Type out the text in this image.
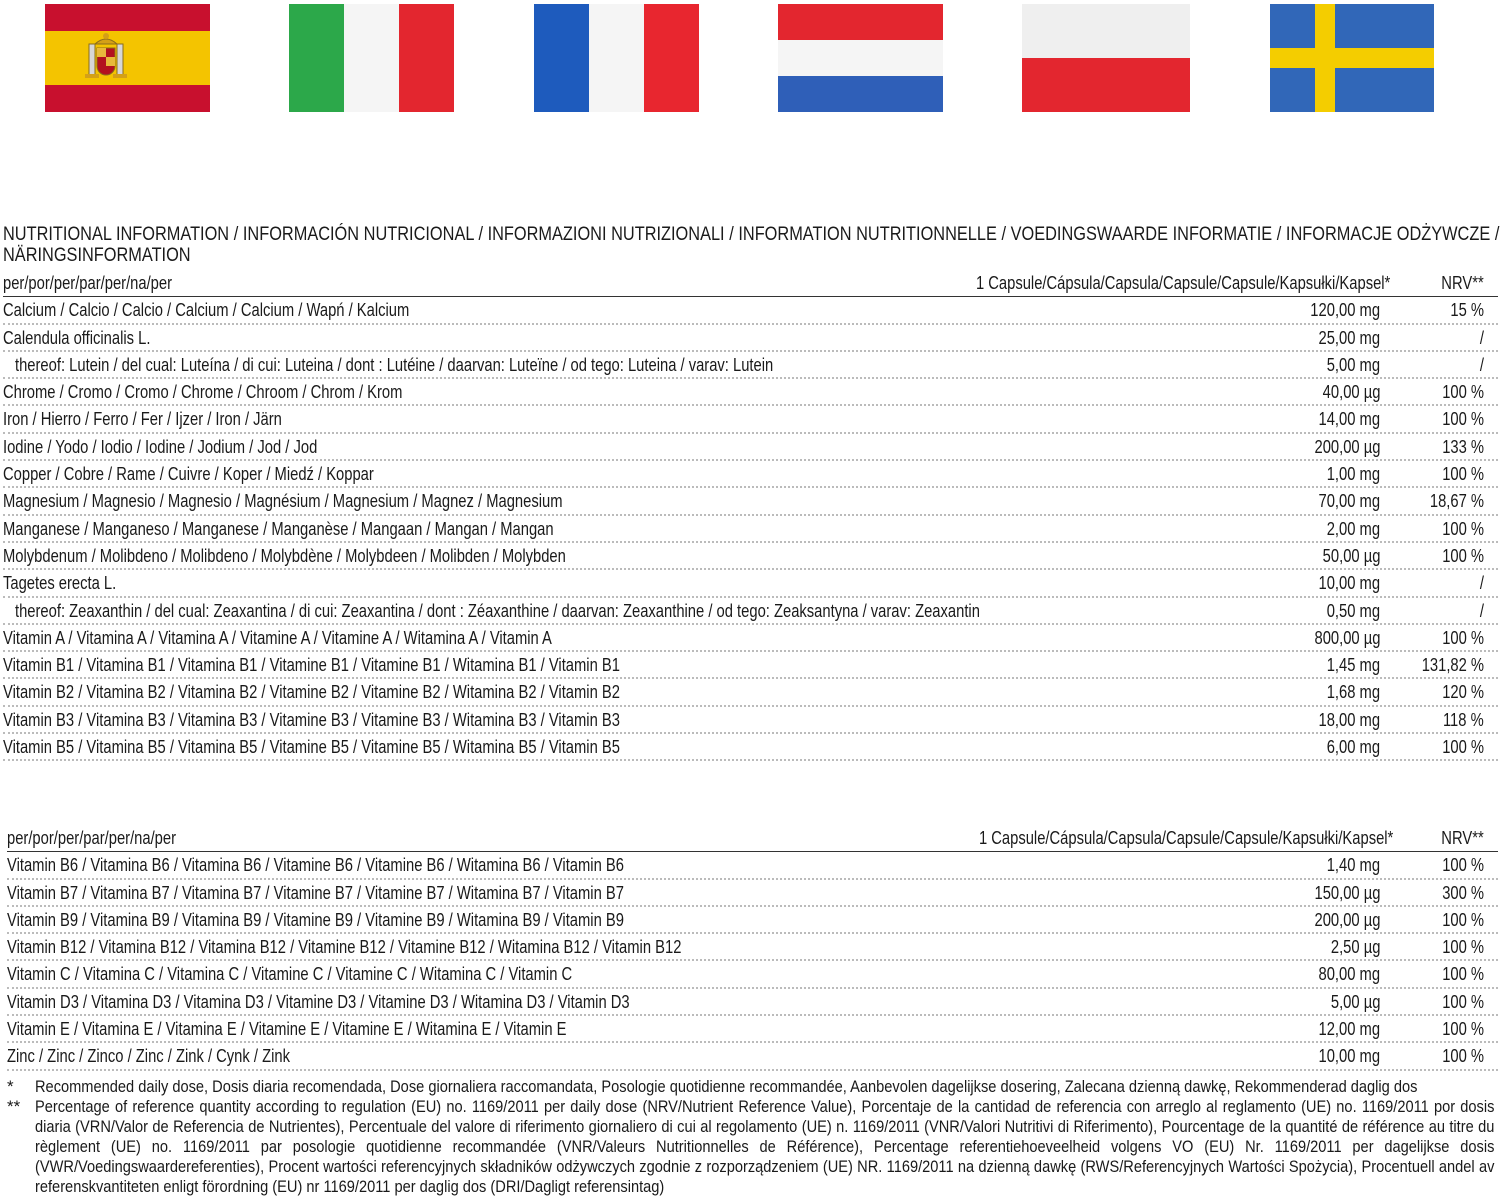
NUTRITIONAL INFORMATION / INFORMACIÓN NUTRICIONAL / INFORMAZIONI NUTRIZIONALI / INFORMATION NUTRITIONNELLE / VOEDINGSWAARDE INFORMATIE / INFORMACJE ODŻYWCZE / NÄRINGSINFORMATION
per/por/per/par/per/na/per	1 Capsule/Cápsula/Capsula/Capsule/Capsule/Kapsułki/Kapsel*	NRV**
Calcium / Calcio / Calcio / Calcium / Calcium / Wapń / Kalcium	120,00 mg	15 %
Calendula officinalis L.	25,00 mg	/
thereof: Lutein / del cual: Luteína / di cui: Luteina / dont : Lutéine / daarvan: Luteïne / od tego: Luteina / varav: Lutein	5,00 mg	/
Chrome / Cromo / Cromo / Chrome / Chroom / Chrom / Krom	40,00 µg	100 %
Iron / Hierro / Ferro / Fer / Ijzer / Iron / Järn	14,00 mg	100 %
Iodine / Yodo / Iodio / Iodine / Jodium / Jod / Jod	200,00 µg	133 %
Copper / Cobre / Rame / Cuivre / Koper / Miedź / Koppar	1,00 mg	100 %
Magnesium / Magnesio / Magnesio / Magnésium / Magnesium / Magnez / Magnesium	70,00 mg	18,67 %
Manganese / Manganeso / Manganese / Manganèse / Mangaan / Mangan / Mangan	2,00 mg	100 %
Molybdenum / Molibdeno / Molibdeno / Molybdène / Molybdeen / Molibden / Molybden	50,00 µg	100 %
Tagetes erecta L.	10,00 mg	/
thereof: Zeaxanthin / del cual: Zeaxantina / di cui: Zeaxantina / dont : Zéaxanthine / daarvan: Zeaxanthine / od tego: Zeaksantyna / varav: Zeaxantin	0,50 mg	/
Vitamin A / Vitamina A / Vitamina A / Vitamine A / Vitamine A / Witamina A / Vitamin A	800,00 µg	100 %
Vitamin B1 / Vitamina B1 / Vitamina B1 / Vitamine B1 / Vitamine B1 / Witamina B1 / Vitamin B1	1,45 mg	131,82 %
Vitamin B2 / Vitamina B2 / Vitamina B2 / Vitamine B2 / Vitamine B2 / Witamina B2 / Vitamin B2	1,68 mg	120 %
Vitamin B3 / Vitamina B3 / Vitamina B3 / Vitamine B3 / Vitamine B3 / Witamina B3 / Vitamin B3	18,00 mg	118 %
Vitamin B5 / Vitamina B5 / Vitamina B5 / Vitamine B5 / Vitamine B5 / Witamina B5 / Vitamin B5	6,00 mg	100 %
per/por/per/par/per/na/per	1 Capsule/Cápsula/Capsula/Capsule/Capsule/Kapsułki/Kapsel*	NRV**
Vitamin B6 / Vitamina B6 / Vitamina B6 / Vitamine B6 / Vitamine B6 / Witamina B6 / Vitamin B6	1,40 mg	100 %
Vitamin B7 / Vitamina B7 / Vitamina B7 / Vitamine B7 / Vitamine B7 / Witamina B7 / Vitamin B7	150,00 µg	300 %
Vitamin B9 / Vitamina B9 / Vitamina B9 / Vitamine B9 / Vitamine B9 / Witamina B9 / Vitamin B9	200,00 µg	100 %
Vitamin B12 / Vitamina B12 / Vitamina B12 / Vitamine B12 / Vitamine B12 / Witamina B12 / Vitamin B12	2,50 µg	100 %
Vitamin C / Vitamina C / Vitamina C / Vitamine C / Vitamine C / Witamina C / Vitamin C	80,00 mg	100 %
Vitamin D3 / Vitamina D3 / Vitamina D3 / Vitamine D3 / Vitamine D3 / Witamina D3 / Vitamin D3	5,00 µg	100 %
Vitamin E / Vitamina E / Vitamina E / Vitamine E / Vitamine E / Witamina E / Vitamin E	12,00 mg	100 %
Zinc / Zinc / Zinco / Zinc / Zink / Cynk / Zink	10,00 mg	100 %
* Recommended daily dose, Dosis diaria recomendada, Dose giornaliera raccomandata, Posologie quotidienne recommandée, Aanbevolen dagelijkse dosering, Zalecana dzienną dawkę, Rekommenderad daglig dos
** Percentage of reference quantity according to regulation (EU) no. 1169/2011 per daily dose (NRV/Nutrient Reference Value), Porcentaje de la cantidad de referencia con arreglo al reglamento (UE) no. 1169/2011 por dosis diaria (VRN/Valor de Referencia de Nutrientes), Percentuale del valore di riferimento giornaliero di cui al regolamento (UE) n. 1169/2011 (VNR/Valori Nutritivi di Riferimento), Pourcentage de la quantité de référence au titre du règlement (UE) no. 1169/2011 par posologie quotidienne recommandée (VNR/Valeurs Nutritionnelles de Référence), Percentage referentiehoeveelheid volgens VO (EU) Nr. 1169/2011 per dagelijkse dosis (VWR/Voedingswaardereferenties), Procent wartości referencyjnych składników odżywczych zgodnie z rozporządzeniem (UE) NR. 1169/2011 na dzienną dawkę (RWS/Referencyjnych Wartości Spożycia), Procentuell andel av referenskvantiteten enligt förordning (EU) nr 1169/2011 per daglig dos (DRI/Dagligt referensintag)
